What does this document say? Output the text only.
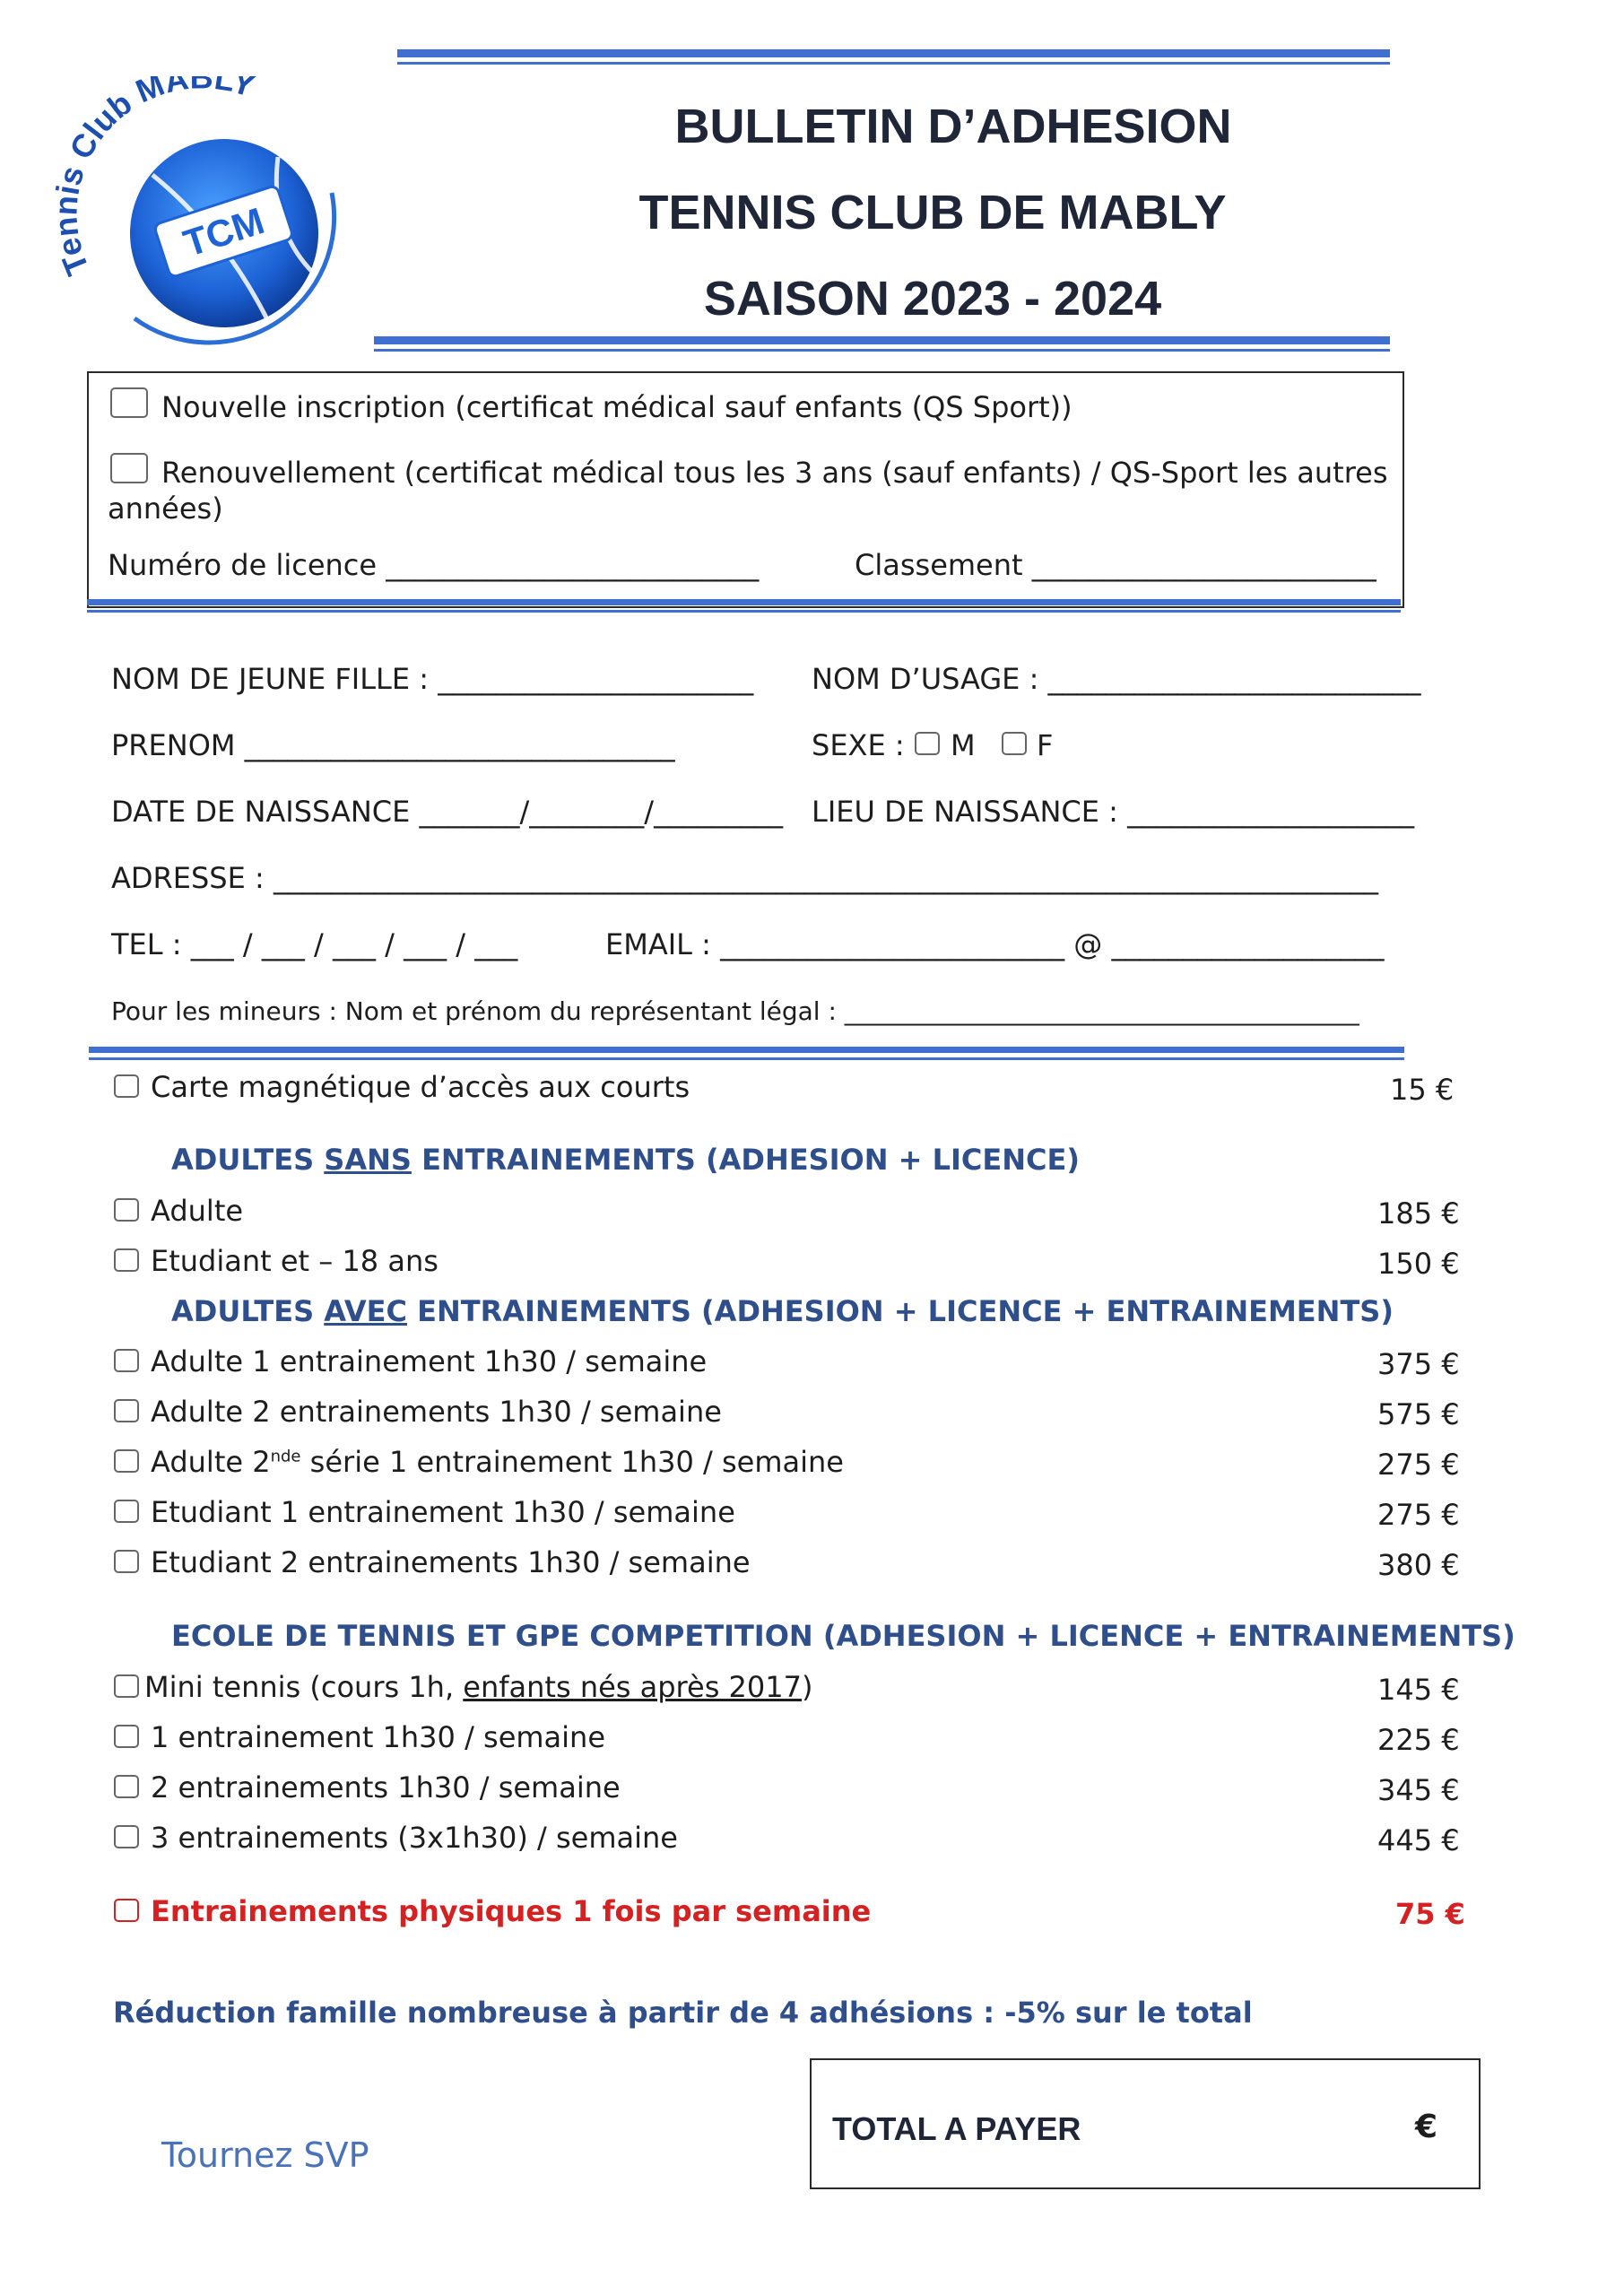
TCM
T s Club MABLY
BULLETIN D’ADHESION
TENNIS CLUB DE MABLY
SAISON 2023 - 2024
Nouvelle inscription (certificat médical sauf enfants (QS Sport))
Renouvellement (certificat médical tous les 3 ans (sauf enfants) / QS-Sport les autres
années)
Numéro de licence __________________________	Classement ________________________
NOM DE JEUNE FILLE : ______________________ NOM D’USAGE : __________________________
PRENOM ______________________________	SEXE : M F
DATE DE NAISSANCE _______/________/_________ LIEU DE NAISSANCE : ____________________
ADRESSE : _____________________________________________________________________________
TEL : ___ / ___ / ___ / ___ / ___	EMAIL : ________________________ @ ___________________
Pour les mineurs : Nom et prénom du représentant légal : _________________________________________
Carte magnétique d’accès aux courts	15 €
ADULTES SANS ENTRAINEMENTS (ADHESION + LICENCE)
Adulte	185 €
Etudiant et – 18 ans	150 €
ADULTES AVEC ENTRAINEMENTS (ADHESION + LICENCE + ENTRAINEMENTS)
Adulte 1 entrainement 1h30 / semaine	375 €
Adulte 2 entrainements 1h30 / semaine	575 €
Adulte 2nde série 1 entrainement 1h30 / semaine	275 €
Etudiant 1 entrainement 1h30 / semaine	275 €
Etudiant 2 entrainements 1h30 / semaine	380 €
ECOLE DE TENNIS ET GPE COMPETITION (ADHESION + LICENCE + ENTRAINEMENTS)
Mini tennis (cours 1h, enfants nés après 2017)	145 €
1 entrainement 1h30 / semaine	225 €
2 entrainements 1h30 / semaine	345 €
3 entrainements (3x1h30) / semaine	445 €
Entrainements physiques 1 fois par semaine	75 €
Réduction famille nombreuse à partir de 4 adhésions : -5% sur le total
TOTAL A PAYER	€
Tournez SVP
